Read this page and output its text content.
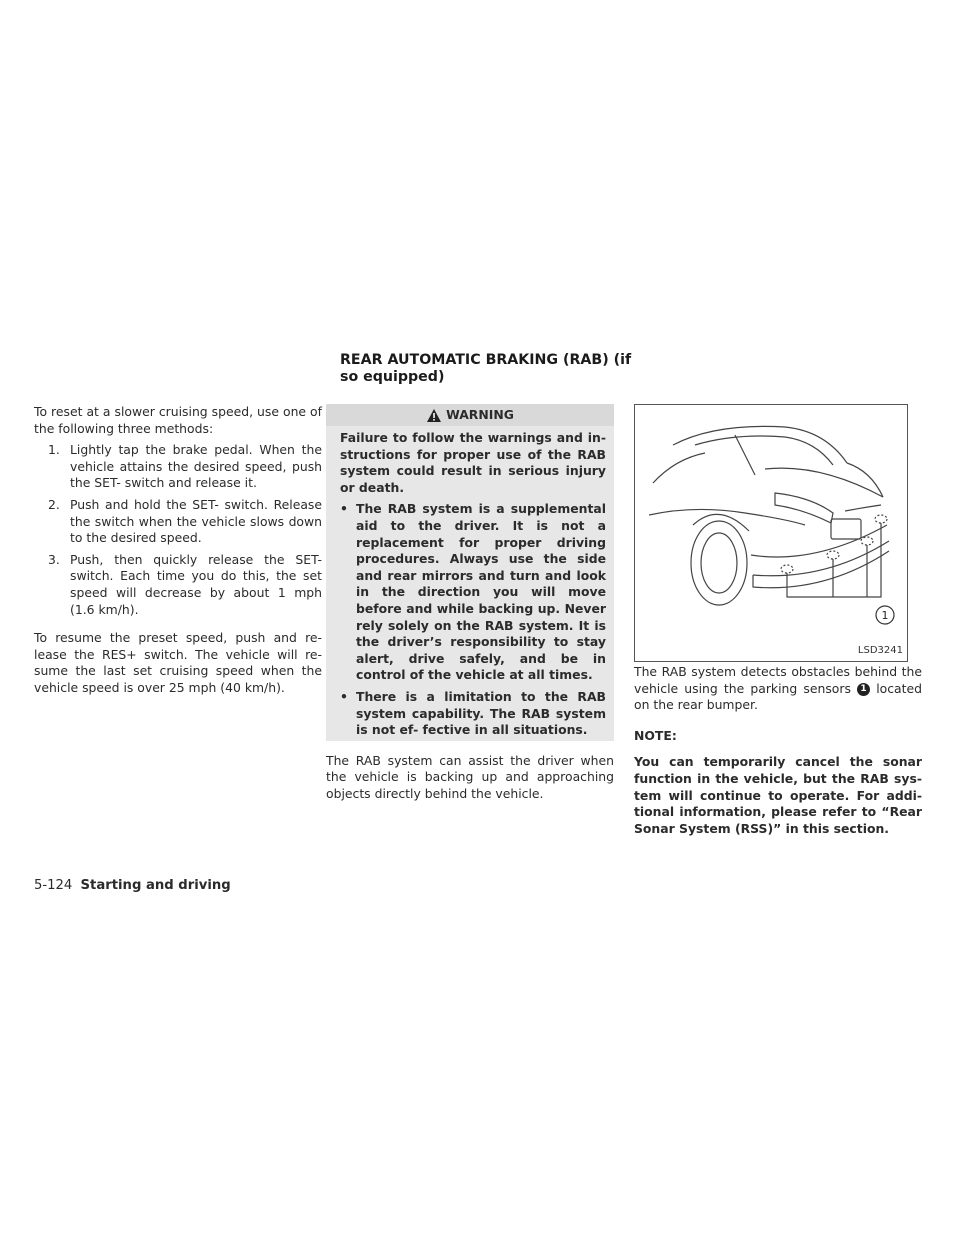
REAR AUTOMATIC BRAKING (RAB) (if so equipped)

To reset at a slower cruising speed, use one of the following three methods:

1. Lightly tap the brake pedal. When the vehicle attains the desired speed, push the SET- switch and release it.
2. Push and hold the SET- switch. Release the switch when the vehicle slows down to the desired speed.
3. Push, then quickly release the SET- switch. Each time you do this, the set speed will decrease by about 1 mph (1.6 km/h).

To resume the preset speed, push and re- lease the RES+ switch. The vehicle will re- sume the last set cruising speed when the vehicle speed is over 25 mph (40 km/h).

WARNING

Failure to follow the warnings and in- structions for proper use of the RAB system could result in serious injury or death.

• The RAB system is a supplemental aid to the driver. It is not a replacement for proper driving procedures. Always use the side and rear mirrors and turn and look in the direction you will move before and while backing up. Never rely solely on the RAB system. It is the driver’s responsibility to stay alert, drive safely, and be in control of the vehicle at all times.
• There is a limitation to the RAB system capability. The RAB system is not ef- fective in all situations.

The RAB system can assist the driver when the vehicle is backing up and approaching objects directly behind the vehicle.

1
LSD3241

The RAB system detects obstacles behind the vehicle using the parking sensors 1 located on the rear bumper.

NOTE:

You can temporarily cancel the sonar function in the vehicle, but the RAB sys- tem will continue to operate. For addi- tional information, please refer to “Rear Sonar System (RSS)” in this section.

5-124 Starting and driving
